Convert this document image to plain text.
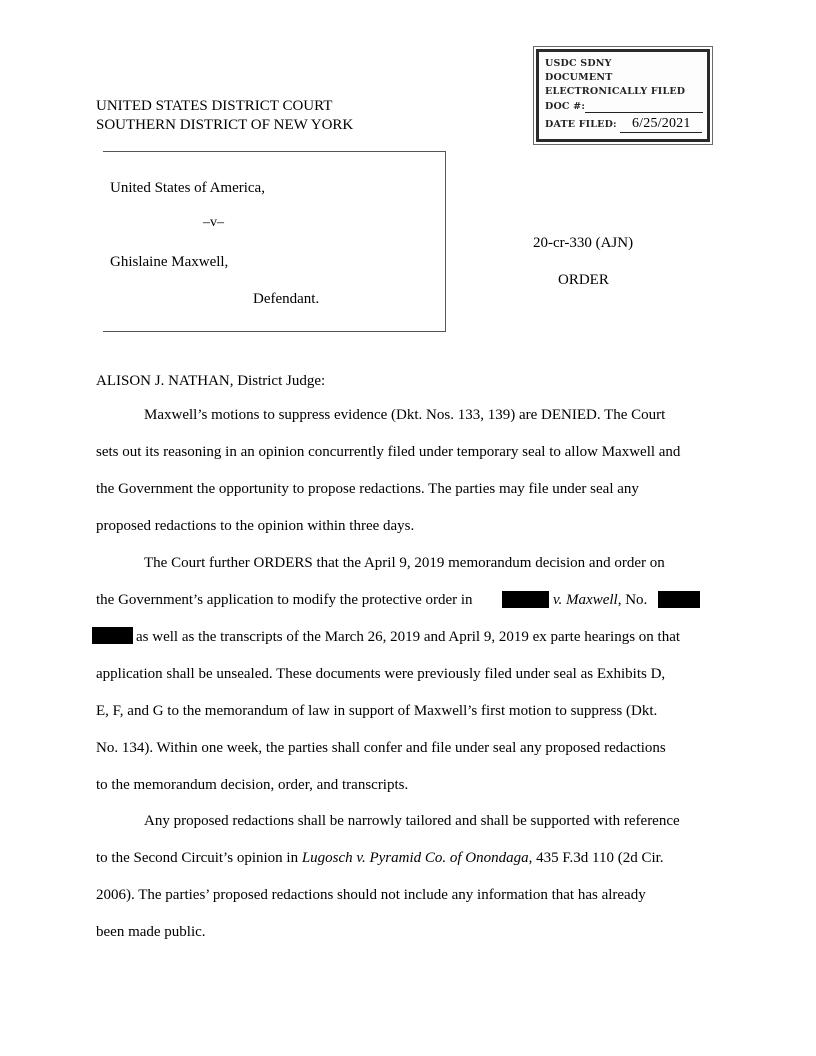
UNITED STATES DISTRICT COURT
SOUTHERN DISTRICT OF NEW YORK
USDC SDNY
DOCUMENT
ELECTRONICALLY FILED
DOC #:
DATE FILED: 6/25/2021
United States of America,
–v–
Ghislaine Maxwell,
Defendant.
20-cr-330 (AJN)
ORDER
ALISON J. NATHAN, District Judge:
Maxwell’s motions to suppress evidence (Dkt. Nos. 133, 139) are DENIED. The Court
sets out its reasoning in an opinion concurrently filed under temporary seal to allow Maxwell and
the Government the opportunity to propose redactions. The parties may file under seal any
proposed redactions to the opinion within three days.
The Court further ORDERS that the April 9, 2019 memorandum decision and order on
the Government’s application to modify the protective order in	v. Maxwell, No.
as well as the transcripts of the March 26, 2019 and April 9, 2019 ex parte hearings on that
application shall be unsealed. These documents were previously filed under seal as Exhibits D,
E, F, and G to the memorandum of law in support of Maxwell’s first motion to suppress (Dkt.
No. 134). Within one week, the parties shall confer and file under seal any proposed redactions
to the memorandum decision, order, and transcripts.
Any proposed redactions shall be narrowly tailored and shall be supported with reference
to the Second Circuit’s opinion in Lugosch v. Pyramid Co. of Onondaga, 435 F.3d 110 (2d Cir.
2006). The parties’ proposed redactions should not include any information that has already
been made public.
